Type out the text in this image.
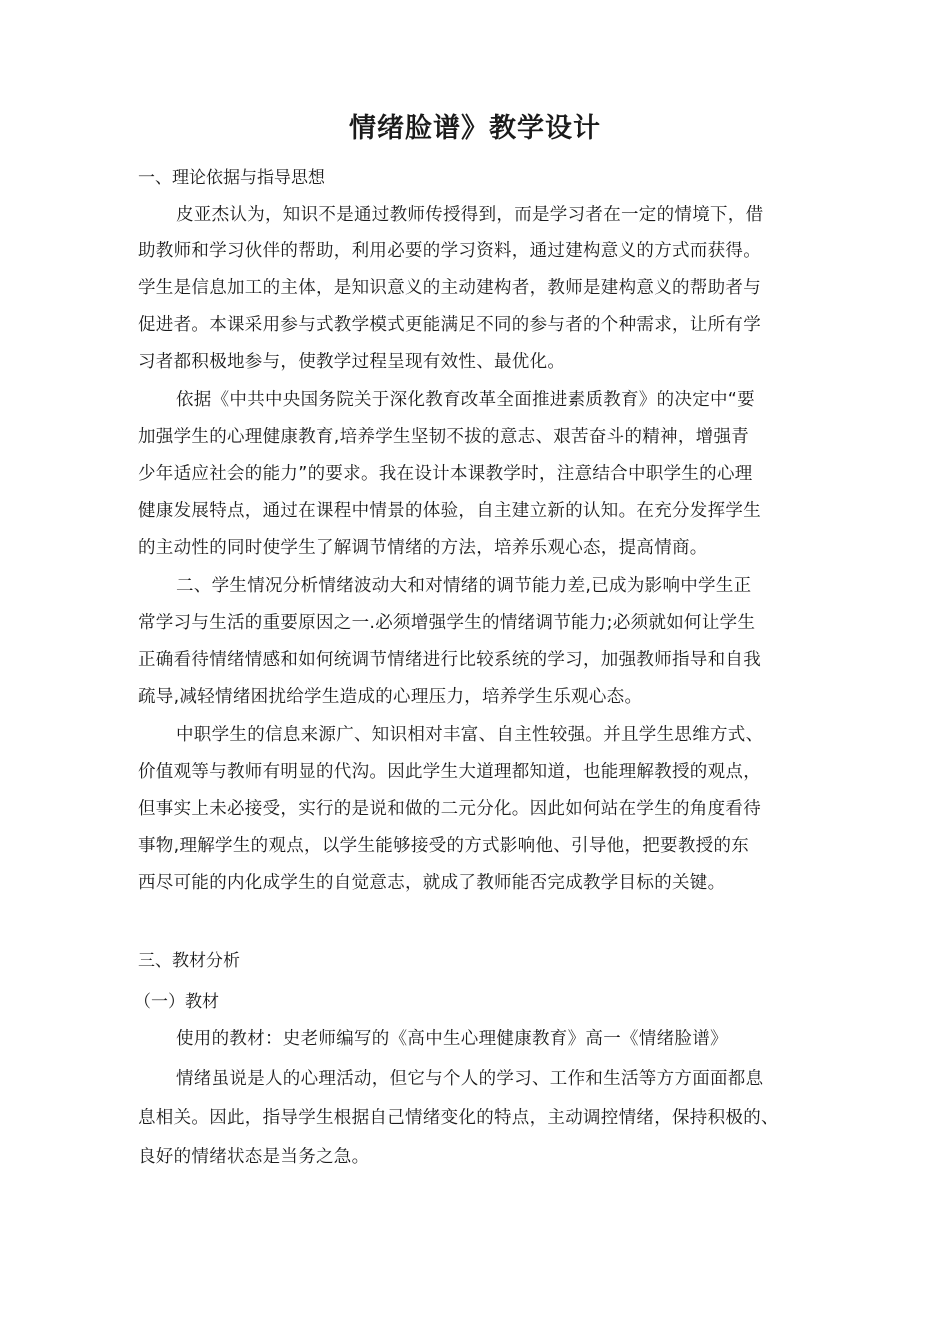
情绪脸谱》教学设计

一、理论依据与指导思想

皮亚杰认为，知识不是通过教师传授得到，而是学习者在一定的情境下，借

助教师和学习伙伴的帮助，利用必要的学习资料，通过建构意义的方式而获得。

学生是信息加工的主体，是知识意义的主动建构者，教师是建构意义的帮助者与

促进者。本课采用参与式教学模式更能满足不同的参与者的个种需求，让所有学

习者都积极地参与，使教学过程呈现有效性、最优化。

依据《中共中央国务院关于深化教育改革全面推进素质教育》的决定中“要

加强学生的心理健康教育,培养学生坚韧不拔的意志、艰苦奋斗的精神，增强青

少年适应社会的能力”的要求。我在设计本课教学时，注意结合中职学生的心理

健康发展特点，通过在课程中情景的体验，自主建立新的认知。在充分发挥学生

的主动性的同时使学生了解调节情绪的方法，培养乐观心态，提高情商。

二、学生情况分析情绪波动大和对情绪的调节能力差,已成为影响中学生正

常学习与生活的重要原因之一.必须增强学生的情绪调节能力;必须就如何让学生

正确看待情绪情感和如何统调节情绪进行比较系统的学习，加强教师指导和自我

疏导,减轻情绪困扰给学生造成的心理压力，培养学生乐观心态。

中职学生的信息来源广、知识相对丰富、自主性较强。并且学生思维方式、

价值观等与教师有明显的代沟。因此学生大道理都知道，也能理解教授的观点，

但事实上未必接受，实行的是说和做的二元分化。因此如何站在学生的角度看待

事物,理解学生的观点，以学生能够接受的方式影响他、引导他，把要教授的东

西尽可能的内化成学生的自觉意志，就成了教师能否完成教学目标的关键。

三、教材分析

（一）教材

使用的教材：史老师编写的《高中生心理健康教育》高一《情绪脸谱》

情绪虽说是人的心理活动，但它与个人的学习、工作和生活等方方面面都息

息相关。因此，指导学生根据自己情绪变化的特点，主动调控情绪，保持积极的、

良好的情绪状态是当务之急。
